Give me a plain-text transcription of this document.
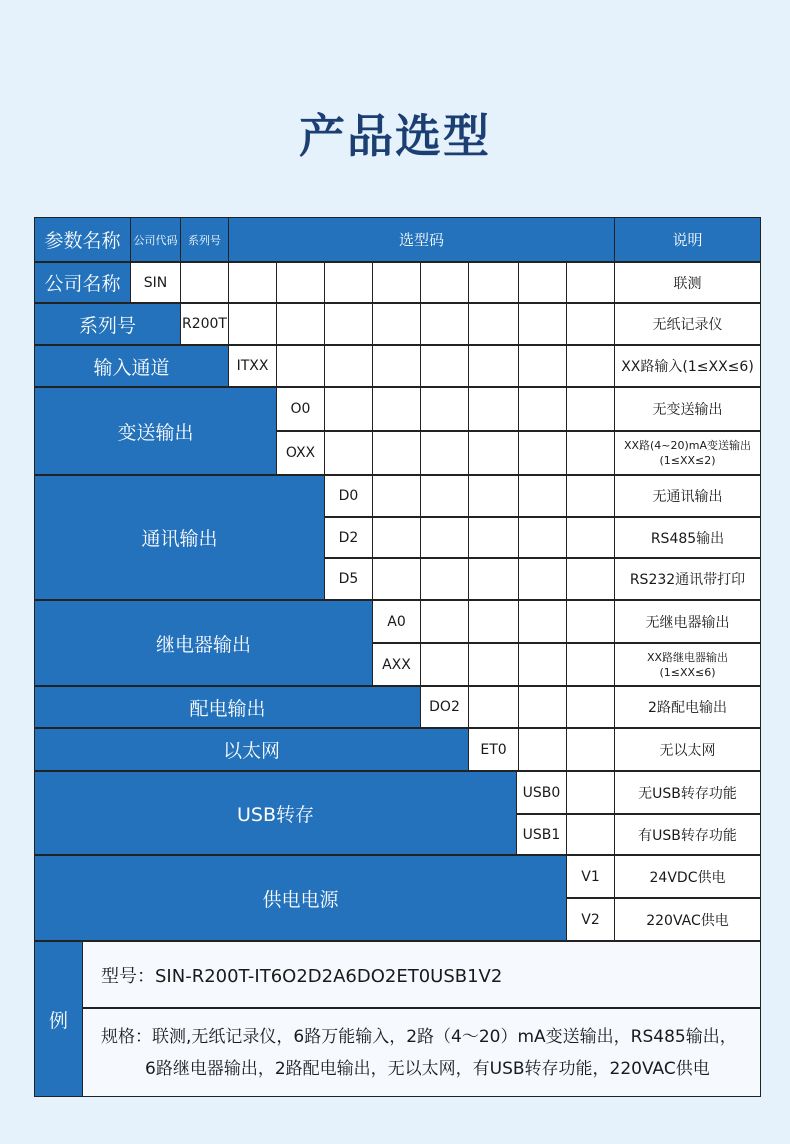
产品选型
参数名称	公司代码 系列号	选型码	说明
公司名称	SIN	联测
系列号	R200T	无纸记录仪
输入通道	ITXX	XX路输入(1≤XX≤6)
变送输出
O0	无变送输出
OXX	XX路(4~20)mA变送输出
(1≤XX≤2)
通讯输出
D0	无通讯输出
D2	RS485输出
D5	RS232通讯带打印
继电器输出
A0	无继电器输出
AXX	XX路继电器输出
(1≤XX≤6)
配电输出	DO2	2路配电输出
以太网	ET0	无以太网
USB转存
USB0	无USB转存功能
USB1	有USB转存功能
供电电源
V1	24VDC供电
V2	220VAC供电
例
型号：SIN-R200T-IT6O2D2A6DO2ET0USB1V2
规格：联测,无纸记录仪，6路万能输入，2路（4～20）mA变送输出，RS485输出，
6路继电器输出，2路配电输出，无以太网，有USB转存功能，220VAC供电
